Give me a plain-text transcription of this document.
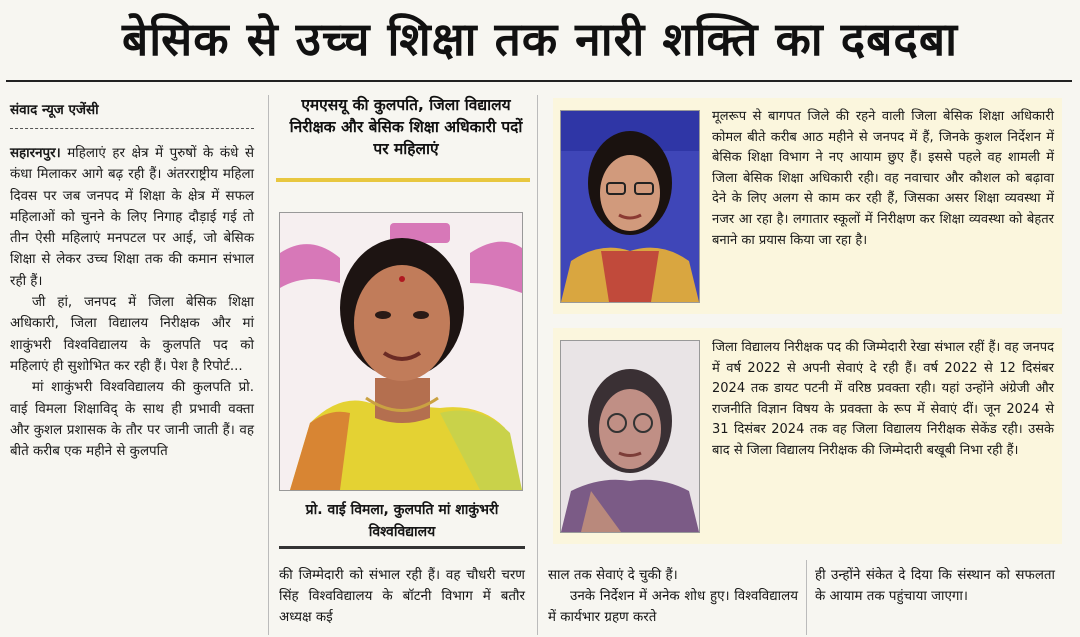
बेसिक से उच्च शिक्षा तक नारी शक्ति का दबदबा
संवाद न्यूज एजेंसी

सहारनपुर। महिलाएं हर क्षेत्र में पुरुषों के कंधे से कंधा मिलाकर आगे बढ़ रही हैं। अंतरराष्ट्रीय महिला दिवस पर जब जनपद में शिक्षा के क्षेत्र में सफल महिलाओं को चुनने के लिए निगाह दौड़ाई गई तो तीन ऐसी महिलाएं मनपटल पर आई, जो बेसिक शिक्षा से लेकर उच्च शिक्षा तक की कमान संभाल रही हैं।

जी हां, जनपद में जिला बेसिक शिक्षा अधिकारी, जिला विद्यालय निरीक्षक और मां शाकुंभरी विश्वविद्यालय के कुलपति पद को महिलाएं ही सुशोभित कर रही हैं। पेश है रिपोर्ट...

मां शाकुंभरी विश्वविद्यालय की कुलपति प्रो. वाई विमला शिक्षाविद् के साथ ही प्रभावी वक्ता और कुशल प्रशासक के तौर पर जानी जाती हैं। वह बीते करीब एक महीने से कुलपति

एमएसयू की कुलपति, जिला विद्यालय निरीक्षक और बेसिक शिक्षा अधिकारी पदों पर महिलाएं
प्रो. वाई विमला, कुलपति मां शाकुंभरी विश्वविद्यालय

की जिम्मेदारी को संभाल रही हैं। वह चौधरी चरण सिंह विश्वविद्यालय के बॉटनी विभाग में बतौर अध्यक्ष कई

मूलरूप से बागपत जिले की रहने वाली जिला बेसिक शिक्षा अधिकारी कोमल बीते करीब आठ महीने से जनपद में हैं, जिनके कुशल निर्देशन में बेसिक शिक्षा विभाग ने नए आयाम छुए हैं। इससे पहले वह शामली में जिला बेसिक शिक्षा अधिकारी रही। वह नवाचार और कौशल को बढ़ावा देने के लिए अलग से काम कर रही हैं, जिसका असर शिक्षा व्यवस्था में नजर आ रहा है। लगातार स्कूलों में निरीक्षण कर शिक्षा व्यवस्था को बेहतर बनाने का प्रयास किया जा रहा है।
जिला विद्यालय निरीक्षक पद की जिम्मेदारी रेखा संभाल रहीं हैं। वह जनपद में वर्ष 2022 से अपनी सेवाएं दे रही हैं। वर्ष 2022 से 12 दिसंबर 2024 तक डायट पटनी में वरिष्ठ प्रवक्ता रही। यहां उन्होंने अंग्रेजी और राजनीति विज्ञान विषय के प्रवक्ता के रूप में सेवाएं दीं। जून 2024 से 31 दिसंबर 2024 तक वह जिला विद्यालय निरीक्षक सेकेंड रही। उसके बाद से जिला विद्यालय निरीक्षक की जिम्मेदारी बखूबी निभा रही हैं।

साल तक सेवाएं दे चुकी हैं।

उनके निर्देशन में अनेक शोध हुए। विश्वविद्यालय में कार्यभार ग्रहण करते

ही उन्होंने संकेत दे दिया कि संस्थान को सफलता के आयाम तक पहुंचाया जाएगा।
